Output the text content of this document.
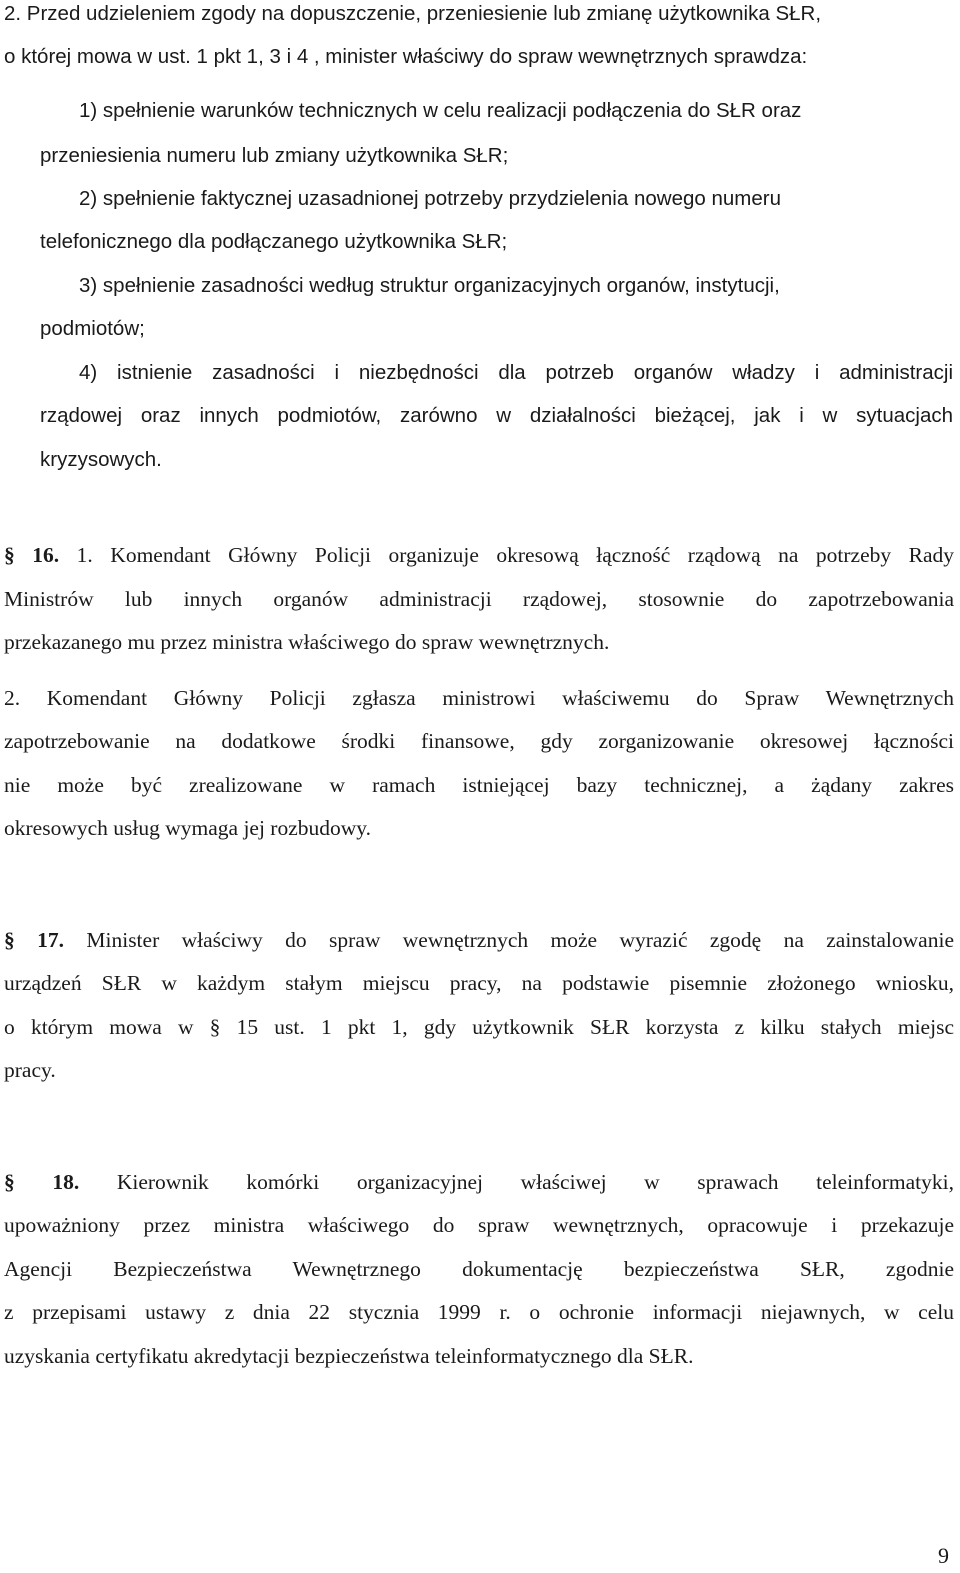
2. Przed udzieleniem zgody na dopuszczenie, przeniesienie lub zmianę użytkownika SŁR,
o której mowa w ust. 1 pkt 1, 3 i 4 , minister właściwy do spraw wewnętrznych sprawdza:
1) spełnienie warunków technicznych w celu realizacji podłączenia do SŁR oraz
przeniesienia numeru lub zmiany użytkownika SŁR;
2) spełnienie faktycznej uzasadnionej potrzeby przydzielenia nowego numeru
telefonicznego dla podłączanego użytkownika SŁR;
3) spełnienie zasadności według struktur organizacyjnych organów, instytucji,
podmiotów;
4) istnienie zasadności i niezbędności dla potrzeb organów władzy i administracji
rządowej oraz innych podmiotów, zarówno w działalności bieżącej, jak i w sytuacjach
kryzysowych.
§ 16. 1. Komendant Główny Policji organizuje okresową łączność rządową na potrzeby Rady
Ministrów lub innych organów administracji rządowej, stosownie do zapotrzebowania
przekazanego mu przez ministra właściwego do spraw wewnętrznych.
2. Komendant Główny Policji zgłasza ministrowi właściwemu do Spraw Wewnętrznych
zapotrzebowanie na dodatkowe środki finansowe, gdy zorganizowanie okresowej łączności
nie może być zrealizowane w ramach istniejącej bazy technicznej, a żądany zakres
okresowych usług wymaga jej rozbudowy.
§ 17. Minister właściwy do spraw wewnętrznych może wyrazić zgodę na zainstalowanie
urządzeń SŁR w każdym stałym miejscu pracy, na podstawie pisemnie złożonego wniosku,
o którym mowa w § 15 ust. 1 pkt 1, gdy użytkownik SŁR korzysta z kilku stałych miejsc
pracy.
§ 18. Kierownik komórki organizacyjnej właściwej w sprawach teleinformatyki,
upoważniony przez ministra właściwego do spraw wewnętrznych, opracowuje i przekazuje
Agencji Bezpieczeństwa Wewnętrznego dokumentację bezpieczeństwa SŁR, zgodnie
z przepisami ustawy z dnia 22 stycznia 1999 r. o ochronie informacji niejawnych, w celu
uzyskania certyfikatu akredytacji bezpieczeństwa teleinformatycznego dla SŁR.
9
